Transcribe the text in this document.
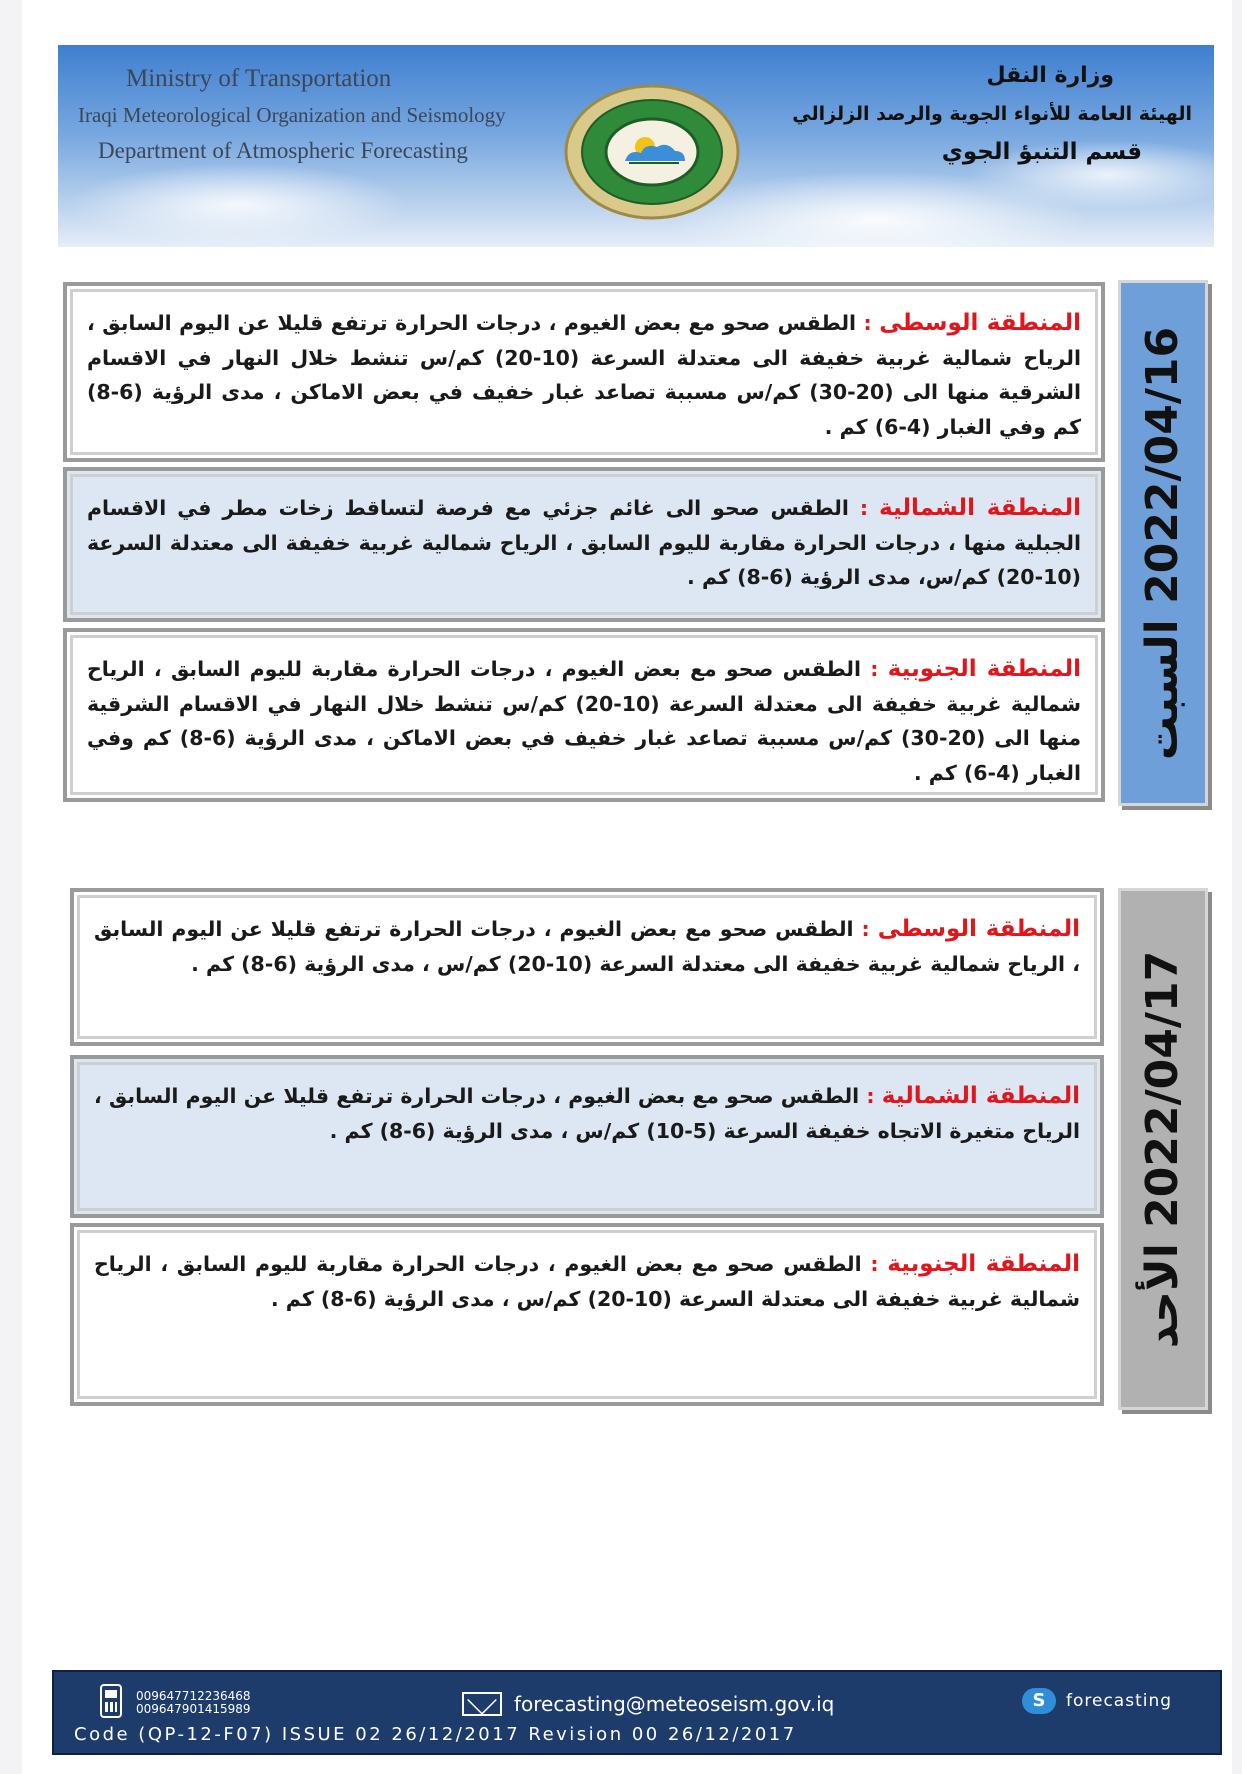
Ministry of Transportation
Iraqi Meteorological Organization and Seismology
Department of Atmospheric Forecasting
وزارة النقل
الهيئة العامة للأنواء الجوية والرصد الزلزالي
قسم التنبؤ الجوي
2022/04/16 السبت
المنطقة الوسطى : الطقس صحو مع بعض الغيوم ، درجات الحرارة ترتفع قليلا عن اليوم السابق ، الرياح شمالية غربية خفيفة الى معتدلة السرعة (10-20) كم/س تنشط خلال النهار في الاقسام الشرقية منها الى (20-30) كم/س مسببة تصاعد غبار خفيف في بعض الاماكن ، مدى الرؤية (6-8) كم وفي الغبار (4-6) كم .
المنطقة الشمالية : الطقس صحو الى غائم جزئي مع فرصة لتساقط زخات مطر في الاقسام الجبلية منها ، درجات الحرارة مقاربة لليوم السابق ، الرياح شمالية غربية خفيفة الى معتدلة السرعة (10-20) كم/س، مدى الرؤية (6-8) كم .
المنطقة الجنوبية : الطقس صحو مع بعض الغيوم ، درجات الحرارة مقاربة لليوم السابق ، الرياح شمالية غربية خفيفة الى معتدلة السرعة (10-20) كم/س تنشط خلال النهار في الاقسام الشرقية منها الى (20-30) كم/س مسببة تصاعد غبار خفيف في بعض الاماكن ، مدى الرؤية (6-8) كم وفي الغبار (4-6) كم .
2022/04/17 الأحد
المنطقة الوسطى : الطقس صحو مع بعض الغيوم ، درجات الحرارة ترتفع قليلا عن اليوم السابق ، الرياح شمالية غربية خفيفة الى معتدلة السرعة (10-20) كم/س ، مدى الرؤية (6-8) كم .
المنطقة الشمالية : الطقس صحو مع بعض الغيوم ، درجات الحرارة ترتفع قليلا عن اليوم السابق ، الرياح متغيرة الاتجاه خفيفة السرعة (5-10) كم/س ، مدى الرؤية (6-8) كم .
المنطقة الجنوبية : الطقس صحو مع بعض الغيوم ، درجات الحرارة مقاربة لليوم السابق ، الرياح شمالية غربية خفيفة الى معتدلة السرعة (10-20) كم/س ، مدى الرؤية (6-8) كم .
009647712236468
009647901415989	forecasting@meteoseism.gov.iq	S	forecasting
Code (QP-12-F07) ISSUE 02 26/12/2017 Revision 00 26/12/2017
